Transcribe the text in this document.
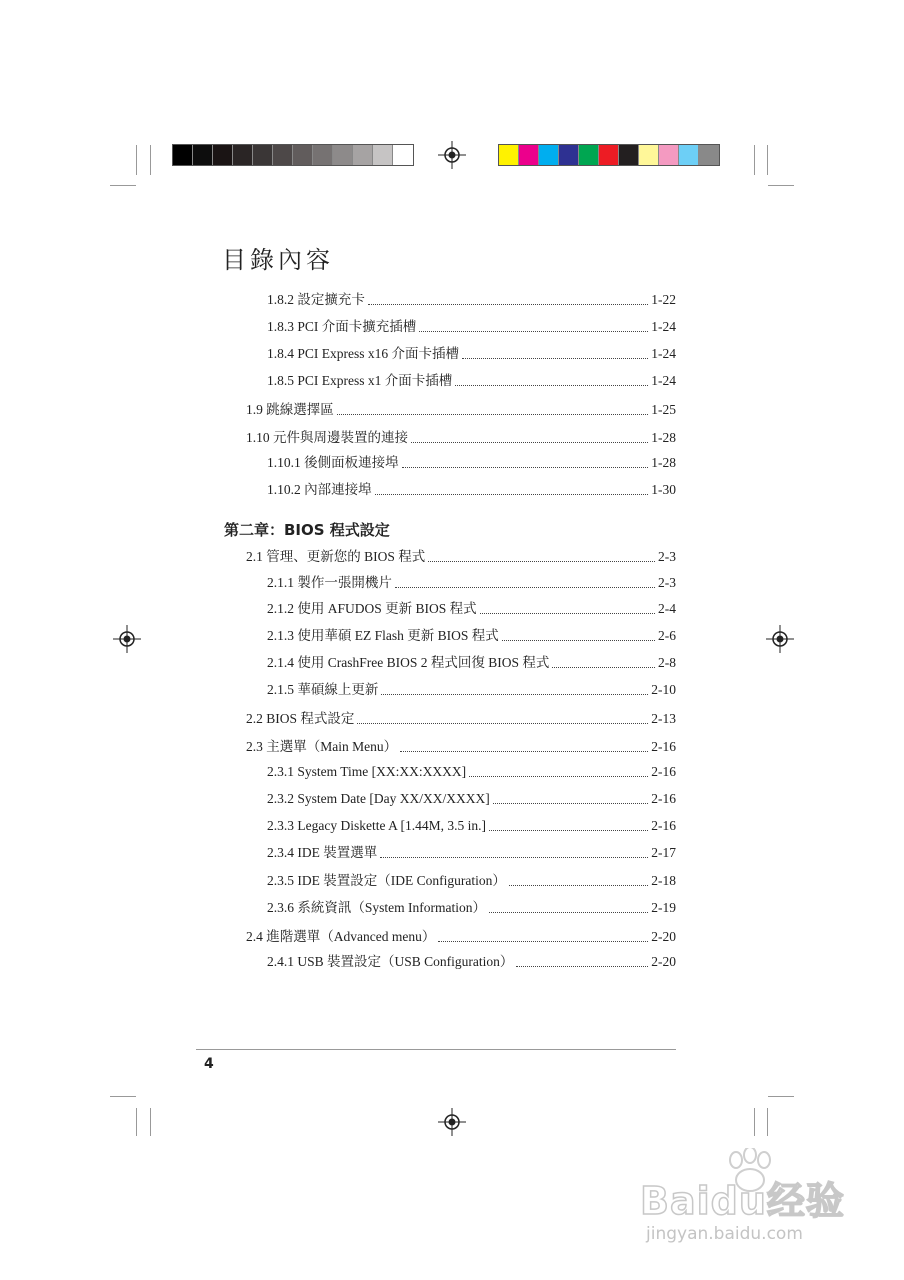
目錄內容
第二章：BIOS 程式設定
1.8.2 設定擴充卡	1-22
1.8.3 PCI 介面卡擴充插槽	1-24
1.8.4 PCI Express x16 介面卡插槽	1-24
1.8.5 PCI Express x1 介面卡插槽	1-24
1.9 跳線選擇區	1-25
1.10 元件與周邊裝置的連接	1-28
1.10.1 後側面板連接埠	1-28
1.10.2 內部連接埠	1-30
2.1 管理、更新您的 BIOS 程式	2-3
2.1.1 製作一張開機片	2-3
2.1.2 使用 AFUDOS 更新 BIOS 程式	2-4
2.1.3 使用華碩 EZ Flash 更新 BIOS 程式	2-6
2.1.4 使用 CrashFree BIOS 2 程式回復 BIOS 程式	2-8
2.1.5 華碩線上更新	2-10
2.2 BIOS 程式設定	2-13
2.3 主選單（Main Menu）	2-16
2.3.1 System Time [XX:XX:XXXX]	2-16
2.3.2 System Date [Day XX/XX/XXXX]	2-16
2.3.3 Legacy Diskette A [1.44M, 3.5 in.]	2-16
2.3.4 IDE 裝置選單	2-17
2.3.5 IDE 裝置設定（IDE Configuration）	2-18
2.3.6 系統資訊（System Information）	2-19
2.4 進階選單（Advanced menu）	2-20
2.4.1 USB 裝置設定（USB Configuration）	2-20
4
Baidu经验
jingyan.baidu.com
